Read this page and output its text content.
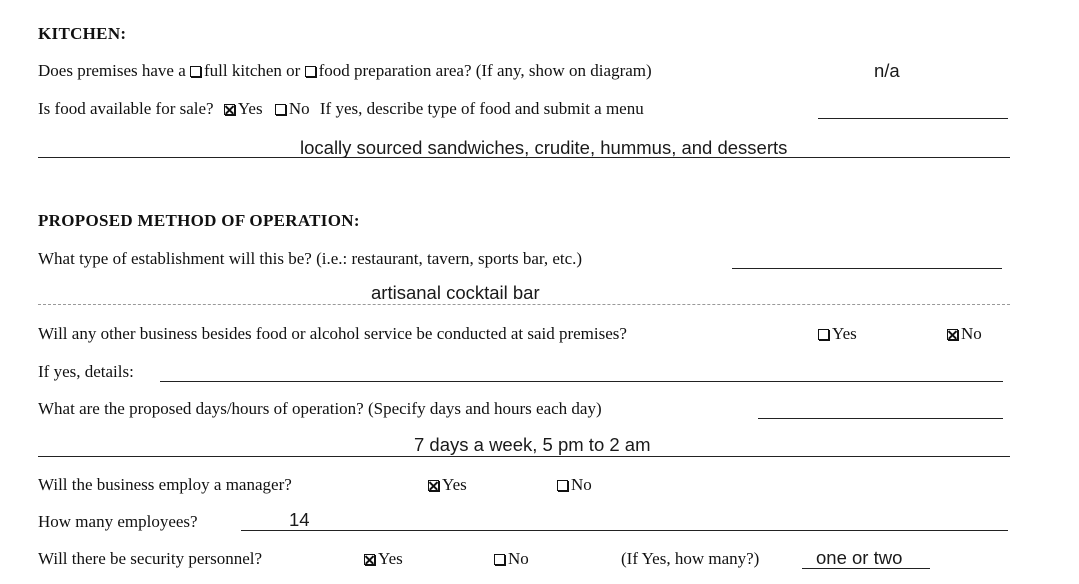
KITCHEN:
Does premises have a full kitchen or food preparation area? (If any, show on diagram)	n/a
Is food available for sale? Yes No If yes, describe type of food and submit a menu
locally sourced sandwiches, crudite, hummus, and desserts
PROPOSED METHOD OF OPERATION:
What type of establishment will this be? (i.e.: restaurant, tavern, sports bar, etc.)
artisanal cocktail bar
Will any other business besides food or alcohol service be conducted at said premises?	Yes	No
If yes, details:
What are the proposed days/hours of operation? (Specify days and hours each day)
7 days a week, 5 pm to 2 am
Will the business employ a manager?	Yes	No
How many employees?	14
Will there be security personnel?	Yes	No	(If Yes, how many?)	one or two
